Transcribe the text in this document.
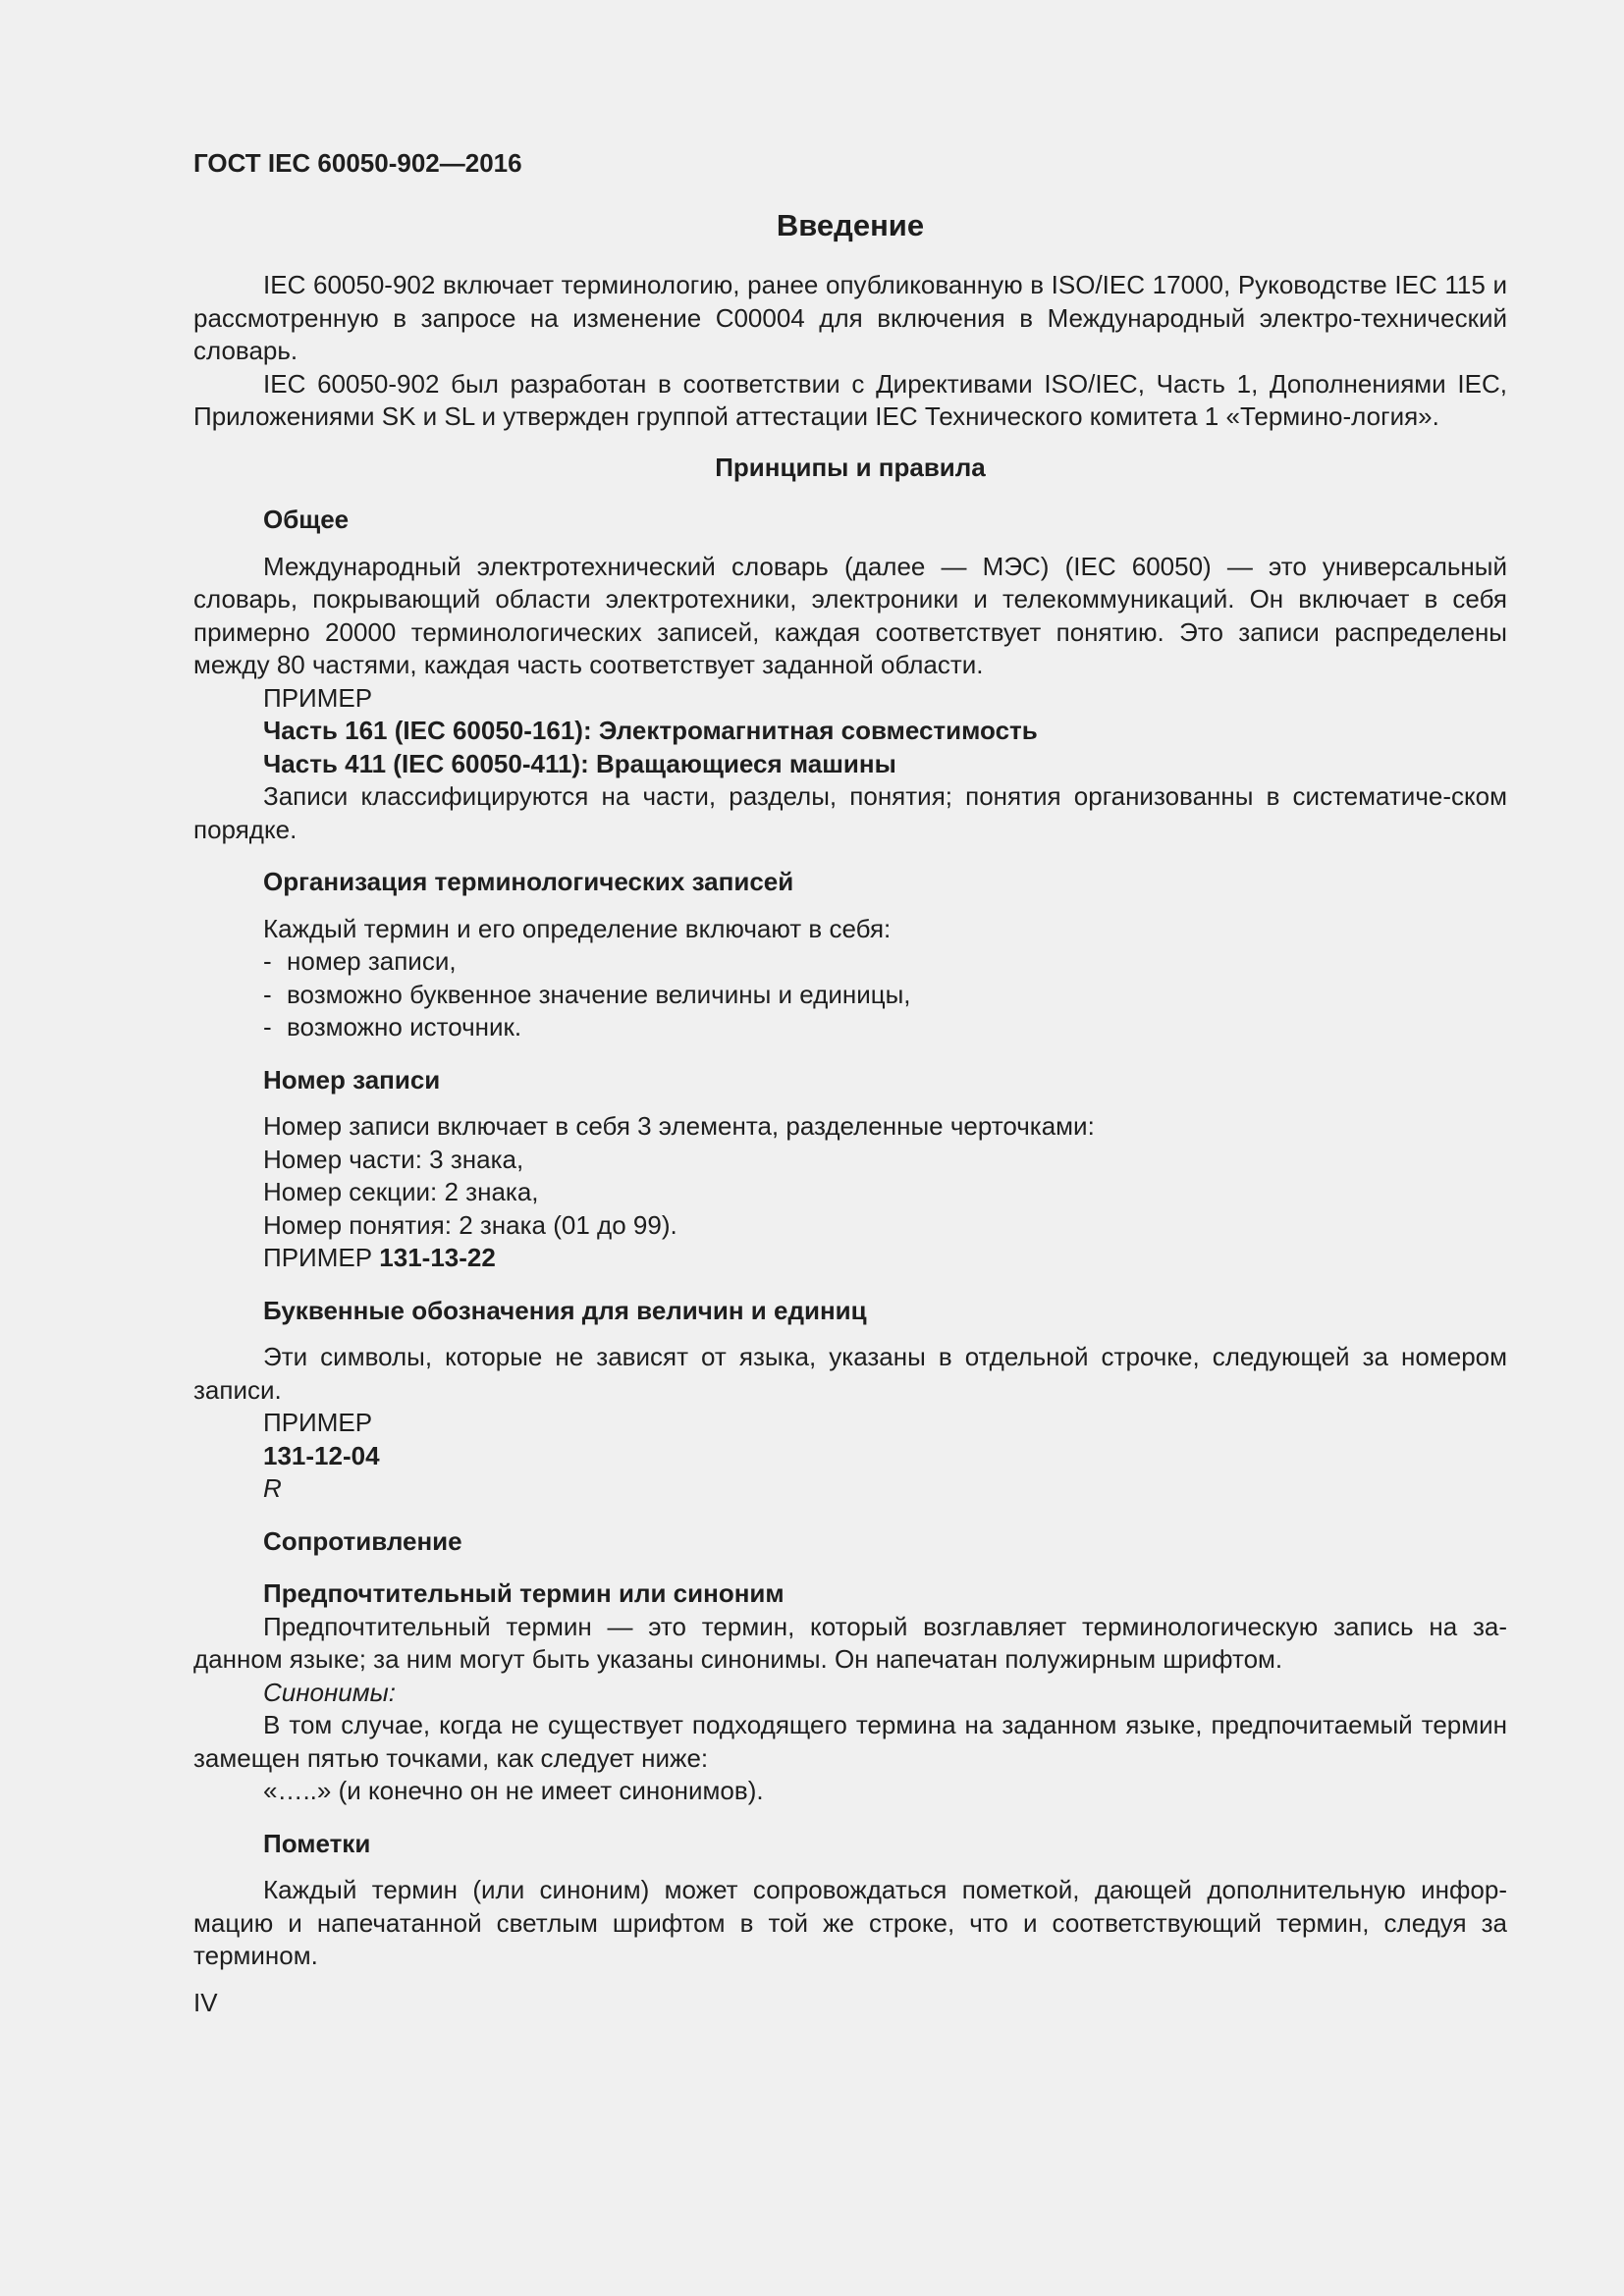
ГОСТ IEC 60050-902—2016
Введение

IEC 60050-902 включает терминологию, ранее опубликованную в ISO/IEC 17000, Руководстве IEC 115 и рассмотренную в запросе на изменение C00004 для включения в Международный электро-технический словарь.

IEC 60050-902 был разработан в соответствии с Директивами ISO/IEC, Часть 1, Дополнениями IEC, Приложениями SK и SL и утвержден группой аттестации IEC Технического комитета 1 «Термино-логия».

Принципы и правила
Общее

Международный электротехнический словарь (далее — МЭС) (IEC 60050) — это универсальный словарь, покрывающий области электротехники, электроники и телекоммуникаций. Он включает в себя примерно 20000 терминологических записей, каждая соответствует понятию. Это записи распределены между 80 частями, каждая часть соответствует заданной области.

ПРИМЕР

Часть 161 (IEC 60050-161): Электромагнитная совместимость

Часть 411 (IEC 60050-411): Вращающиеся машины

Записи классифицируются на части, разделы, понятия; понятия организованны в систематиче-ском порядке.

Организация терминологических записей

Каждый термин и его определение включают в себя:

- номер записи,
- возможно буквенное значение величины и единицы,
- возможно источник.
Номер записи

Номер записи включает в себя 3 элемента, разделенные черточками:

Номер части: 3 знака,

Номер секции: 2 знака,

Номер понятия: 2 знака (01 до 99).

ПРИМЕР 131-13-22

Буквенные обозначения для величин и единиц

Эти символы, которые не зависят от языка, указаны в отдельной строчке, следующей за номером записи.

ПРИМЕР

131-12-04

R

Сопротивление
Предпочтительный термин или синоним

Предпочтительный термин — это термин, который возглавляет терминологическую запись на за-данном языке; за ним могут быть указаны синонимы. Он напечатан полужирным шрифтом.

Синонимы:

В том случае, когда не существует подходящего термина на заданном языке, предпочитаемый термин замещен пятью точками, как следует ниже:

«…..» (и конечно он не имеет синонимов).

Пометки

Каждый термин (или синоним) может сопровождаться пометкой, дающей дополнительную инфор-мацию и напечатанной светлым шрифтом в той же строке, что и соответствующий термин, следуя за термином.

IV
